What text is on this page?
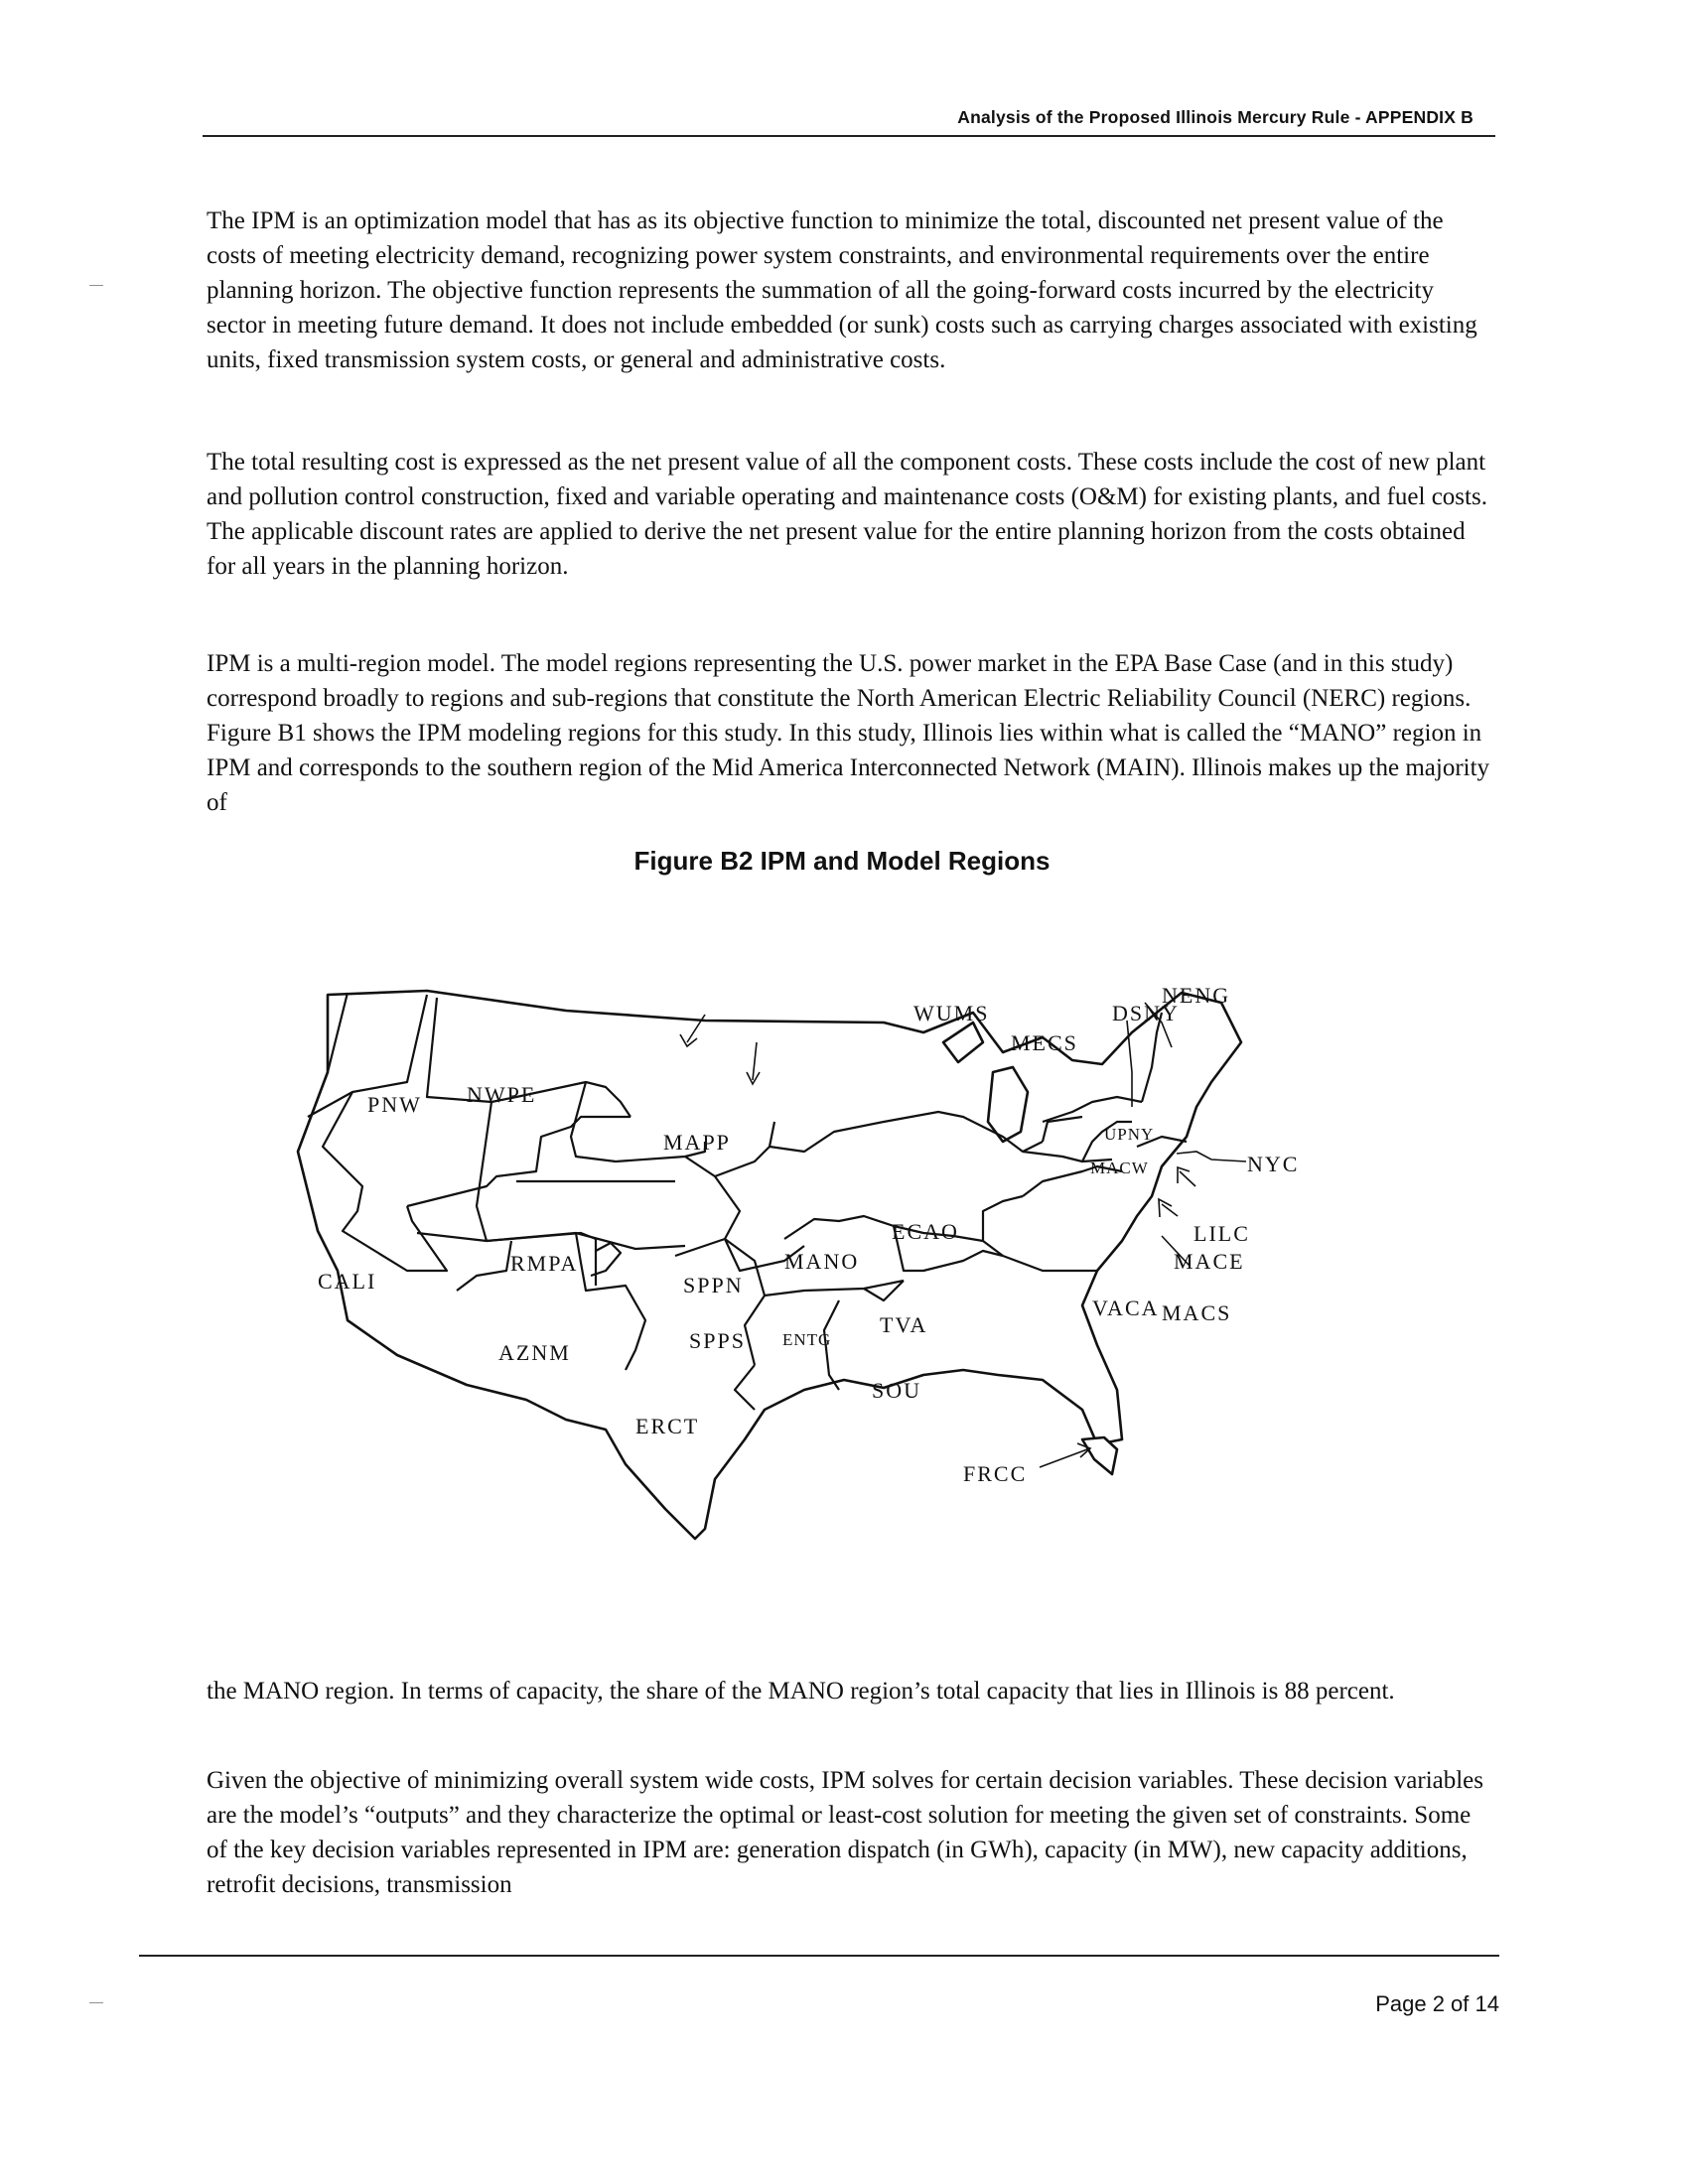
Analysis of the Proposed Illinois Mercury Rule - APPENDIX B

The IPM is an optimization model that has as its objective function to minimize the total, discounted net present value of the costs of meeting electricity demand, recognizing power system constraints, and environmental requirements over the entire planning horizon. The objective function represents the summation of all the going-forward costs incurred by the electricity sector in meeting future demand. It does not include embedded (or sunk) costs such as carrying charges associated with existing units, fixed transmission system costs, or general and administrative costs.

The total resulting cost is expressed as the net present value of all the component costs. These costs include the cost of new plant and pollution control construction, fixed and variable operating and maintenance costs (O&M) for existing plants, and fuel costs. The applicable discount rates are applied to derive the net present value for the entire planning horizon from the costs obtained for all years in the planning horizon.

IPM is a multi-region model. The model regions representing the U.S. power market in the EPA Base Case (and in this study) correspond broadly to regions and sub-regions that constitute the North American Electric Reliability Council (NERC) regions. Figure B1 shows the IPM modeling regions for this study. In this study, Illinois lies within what is called the “MANO” region in IPM and corresponds to the southern region of the Mid America Interconnected Network (MAIN). Illinois makes up the majority of

Figure B2 IPM and Model Regions
PNW NWPE
MAPP
CALI
RMPA
SPPN
MANO
ECAO
AZNM	SPPS ENTG
TVA
SOU
ERCT
FRCC
VACA MACS
MACE
LILC
NYC
MACW
UPNY
DSNY
NENG
WUMS
MECS

the MANO region. In terms of capacity, the share of the MANO region’s total capacity that lies in Illinois is 88 percent.

Given the objective of minimizing overall system wide costs, IPM solves for certain decision variables. These decision variables are the model’s “outputs” and they characterize the optimal or least-cost solution for meeting the given set of constraints. Some of the key decision variables represented in IPM are: generation dispatch (in GWh), capacity (in MW), new capacity additions, retrofit decisions, transmission

Page 2 of 14
—
—
